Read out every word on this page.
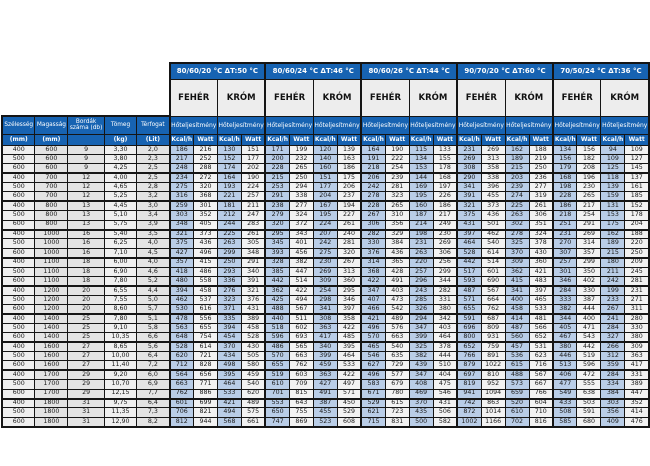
					80/60/20 °C ΔT:50 °C				80/60/24 °C ΔT:46 °C				80/60/26 °C ΔT:44 °C				90/70/20 °C ΔT:60 °C				70/50/24 °C ΔT:36 °C			
					FEHÉR		KRÓM		FEHÉR		KRÓM		FEHÉR		KRÓM		FEHÉR		KRÓM		FEHÉR		KRÓM	
Szélesség	Magasság	Bordák száma (db)	Tömeg	Térfogat	Hőteljesítmény		Hőteljesítmény		Hőteljesítmény		Hőteljesítmény		Hőteljesítmény		Hőteljesítmény		Hőteljesítmény		Hőteljesítmény		Hőteljesítmény		Hőteljesítmény	
(mm)	(mm)		(kg)	(Lit)	Kcal/h	Watt	Kcal/h	Watt	Kcal/h	Watt	Kcal/h	Watt	Kcal/h	Watt	Kcal/h	Watt	Kcal/h	Watt	Kcal/h	Watt	Kcal/h	Watt	Kcal/h	Watt
400	600	9	3,30	2,0	186	216	130	151	171	199	120	139	164	190	115	133	231	269	162	188	134	156	94	109
500	600	9	3,80	2,3	217	252	152	177	200	232	140	163	191	222	134	155	269	313	189	219	156	182	109	127
600	600	9	4,25	2,5	248	288	174	202	228	265	160	186	218	254	153	178	308	358	215	250	179	208	125	145
400	700	12	4,00	2,5	234	272	164	190	215	250	151	175	206	239	144	168	290	338	203	236	168	196	118	137
500	700	12	4,65	2,8	275	320	193	224	253	294	177	206	242	281	169	197	341	396	239	277	198	230	139	161
600	700	12	5,25	3,2	316	368	221	257	291	338	204	237	278	323	195	226	391	455	274	319	228	265	159	185
400	800	13	4,45	3,0	259	301	181	211	238	277	167	194	228	265	160	186	321	373	225	261	186	217	131	152
500	800	13	5,10	3,4	303	352	212	247	279	324	195	227	267	310	187	217	375	436	263	306	218	254	153	178
600	800	13	5,75	3,9	348	405	244	283	320	372	224	261	306	356	214	249	431	501	302	351	251	291	175	204
400	1000	16	5,40	3,5	321	373	225	261	295	343	207	240	282	329	198	230	397	462	278	324	231	269	162	188
500	1000	16	6,25	4,0	375	436	263	305	345	401	242	281	330	384	231	269	464	540	325	378	270	314	189	220
600	1000	16	7,10	4,5	427	496	299	348	393	456	275	320	376	436	263	306	528	614	370	430	307	357	215	250
400	1100	18	6,00	4,0	357	415	250	291	328	382	230	267	314	365	220	256	442	514	309	360	257	299	180	209
500	1100	18	6,90	4,6	418	486	293	340	385	447	269	313	368	428	257	299	517	601	362	421	301	350	211	245
600	1100	18	7,80	5,2	480	558	336	391	442	514	309	360	422	491	296	344	593	690	415	483	346	402	242	281
400	1200	20	6,55	4,4	394	458	276	321	362	422	254	295	347	403	243	282	487	567	341	397	284	330	199	231
500	1200	20	7,55	5,0	462	537	323	376	425	494	298	346	407	473	285	331	571	664	400	465	333	387	233	271
600	1200	20	8,60	5,7	530	616	371	431	488	567	341	397	466	542	326	380	655	762	458	533	382	444	267	311
400	1400	25	7,80	5,1	478	556	335	389	440	511	308	358	421	489	294	342	591	687	414	481	344	400	241	280
500	1400	25	9,10	5,8	563	655	394	458	518	602	363	422	496	576	347	403	696	809	487	566	405	471	284	330
600	1400	25	10,35	6,6	648	754	454	528	596	693	417	485	570	663	399	464	800	931	560	652	467	543	327	380
400	1600	27	8,65	5,6	528	614	370	430	486	565	340	395	465	540	325	378	652	759	457	531	380	442	266	309
500	1600	27	10,00	6,4	620	721	434	505	570	663	399	464	546	635	382	444	766	891	536	623	446	519	312	363
600	1600	27	11,40	7,2	712	828	498	580	655	762	459	533	627	729	439	510	879	1022	615	716	513	596	359	417
400	1700	29	9,20	6,0	564	656	395	459	519	603	363	422	496	577	347	404	697	810	488	567	406	472	284	331
500	1700	29	10,70	6,9	663	771	464	540	610	709	427	497	583	679	408	475	819	952	573	667	477	555	334	389
600	1700	29	12,15	7,7	762	886	533	620	701	815	491	571	671	780	469	546	941	1094	659	766	549	638	384	447
400	1800	31	9,75	6,4	601	699	421	489	553	643	387	450	529	615	370	431	742	863	520	604	433	503	303	352
500	1800	31	11,35	7,3	706	821	494	575	650	755	455	529	621	723	435	506	872	1014	610	710	508	591	356	414
600	1800	31	12,90	8,2	812	944	568	661	747	869	523	608	715	831	500	582	1002	1166	702	816	585	680	409	476
